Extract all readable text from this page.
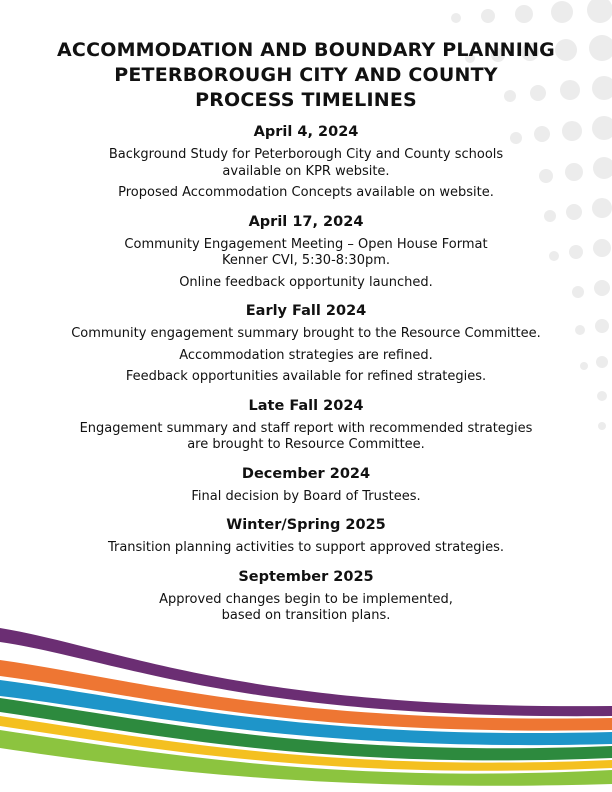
ACCOMMODATION AND BOUNDARY PLANNING
PETERBOROUGH CITY AND COUNTY
PROCESS TIMELINES
April 4, 2024
Background Study for Peterborough City and County schools
available on KPR website.
Proposed Accommodation Concepts available on website.
April 17, 2024
Community Engagement Meeting – Open House Format
Kenner CVI, 5:30-8:30pm.
Online feedback opportunity launched.
Early Fall 2024
Community engagement summary brought to the Resource Committee.
Accommodation strategies are refined.
Feedback opportunities available for refined strategies.
Late Fall 2024
Engagement summary and staff report with recommended strategies
are brought to Resource Committee.
December 2024
Final decision by Board of Trustees.
Winter/Spring 2025
Transition planning activities to support approved strategies.
September 2025
Approved changes begin to be implemented,
based on transition plans.
